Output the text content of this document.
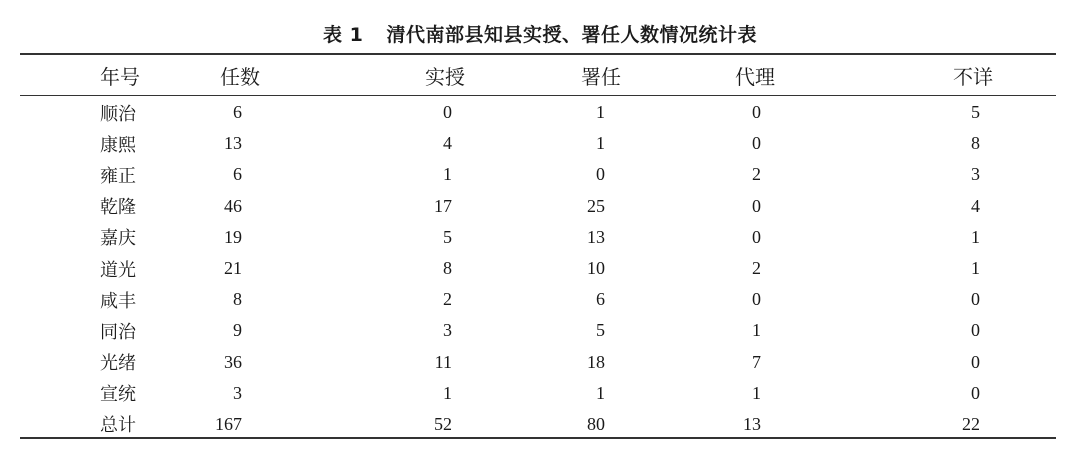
表 1 清代南部县知县实授、署任人数情况统计表
年号	任数	实授	署任	代理	不详
顺治	6	0	1	0	5
康熙	13	4	1	0	8
雍正	6	1	0	2	3
乾隆	46	17	25	0	4
嘉庆	19	5	13	0	1
道光	21	8	10	2	1
咸丰	8	2	6	0	0
同治	9	3	5	1	0
光绪	36	11	18	7	0
宣统	3	1	1	1	0
总计	167	52	80	13	22
